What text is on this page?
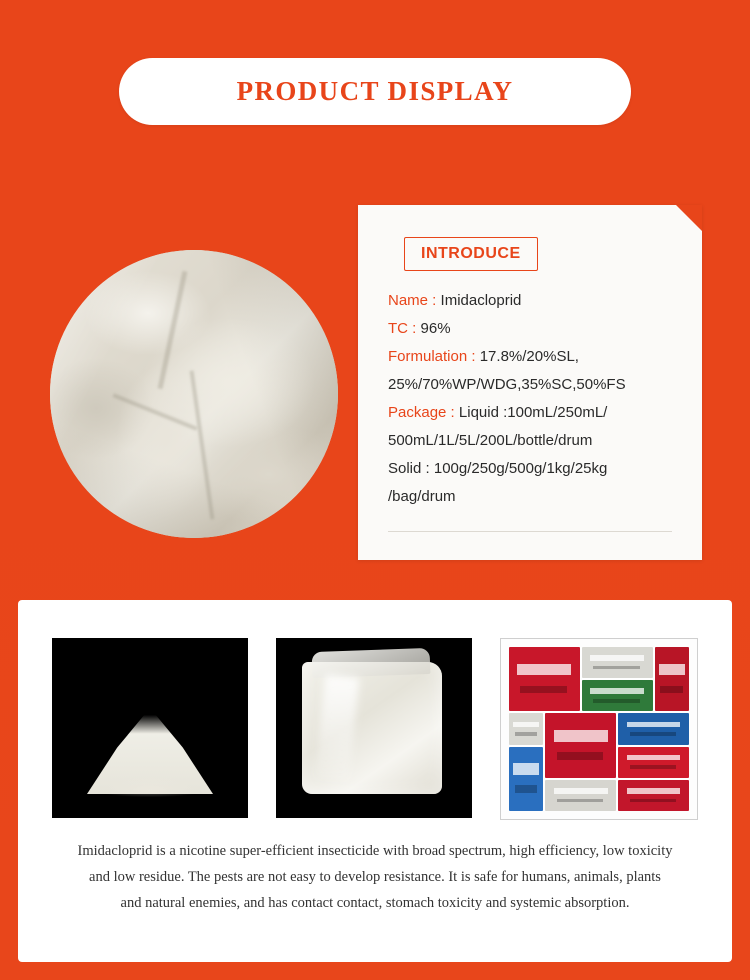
PRODUCT DISPLAY
INTRODUCE
Name : Imidacloprid
TC : 96%
Formulation : 17.8%/20%SL,
25%/70%WP/WDG,35%SC,50%FS
Package : Liquid :100mL/250mL/
500mL/1L/5L/200L/bottle/drum
Solid : 100g/250g/500g/1kg/25kg
/bag/drum
Imidacloprid is a nicotine super-efficient insecticide with broad spectrum, high efficiency, low toxicity
and low residue. The pests are not easy to develop resistance. It is safe for humans, animals, plants
and natural enemies, and has contact contact, stomach toxicity and systemic absorption.
